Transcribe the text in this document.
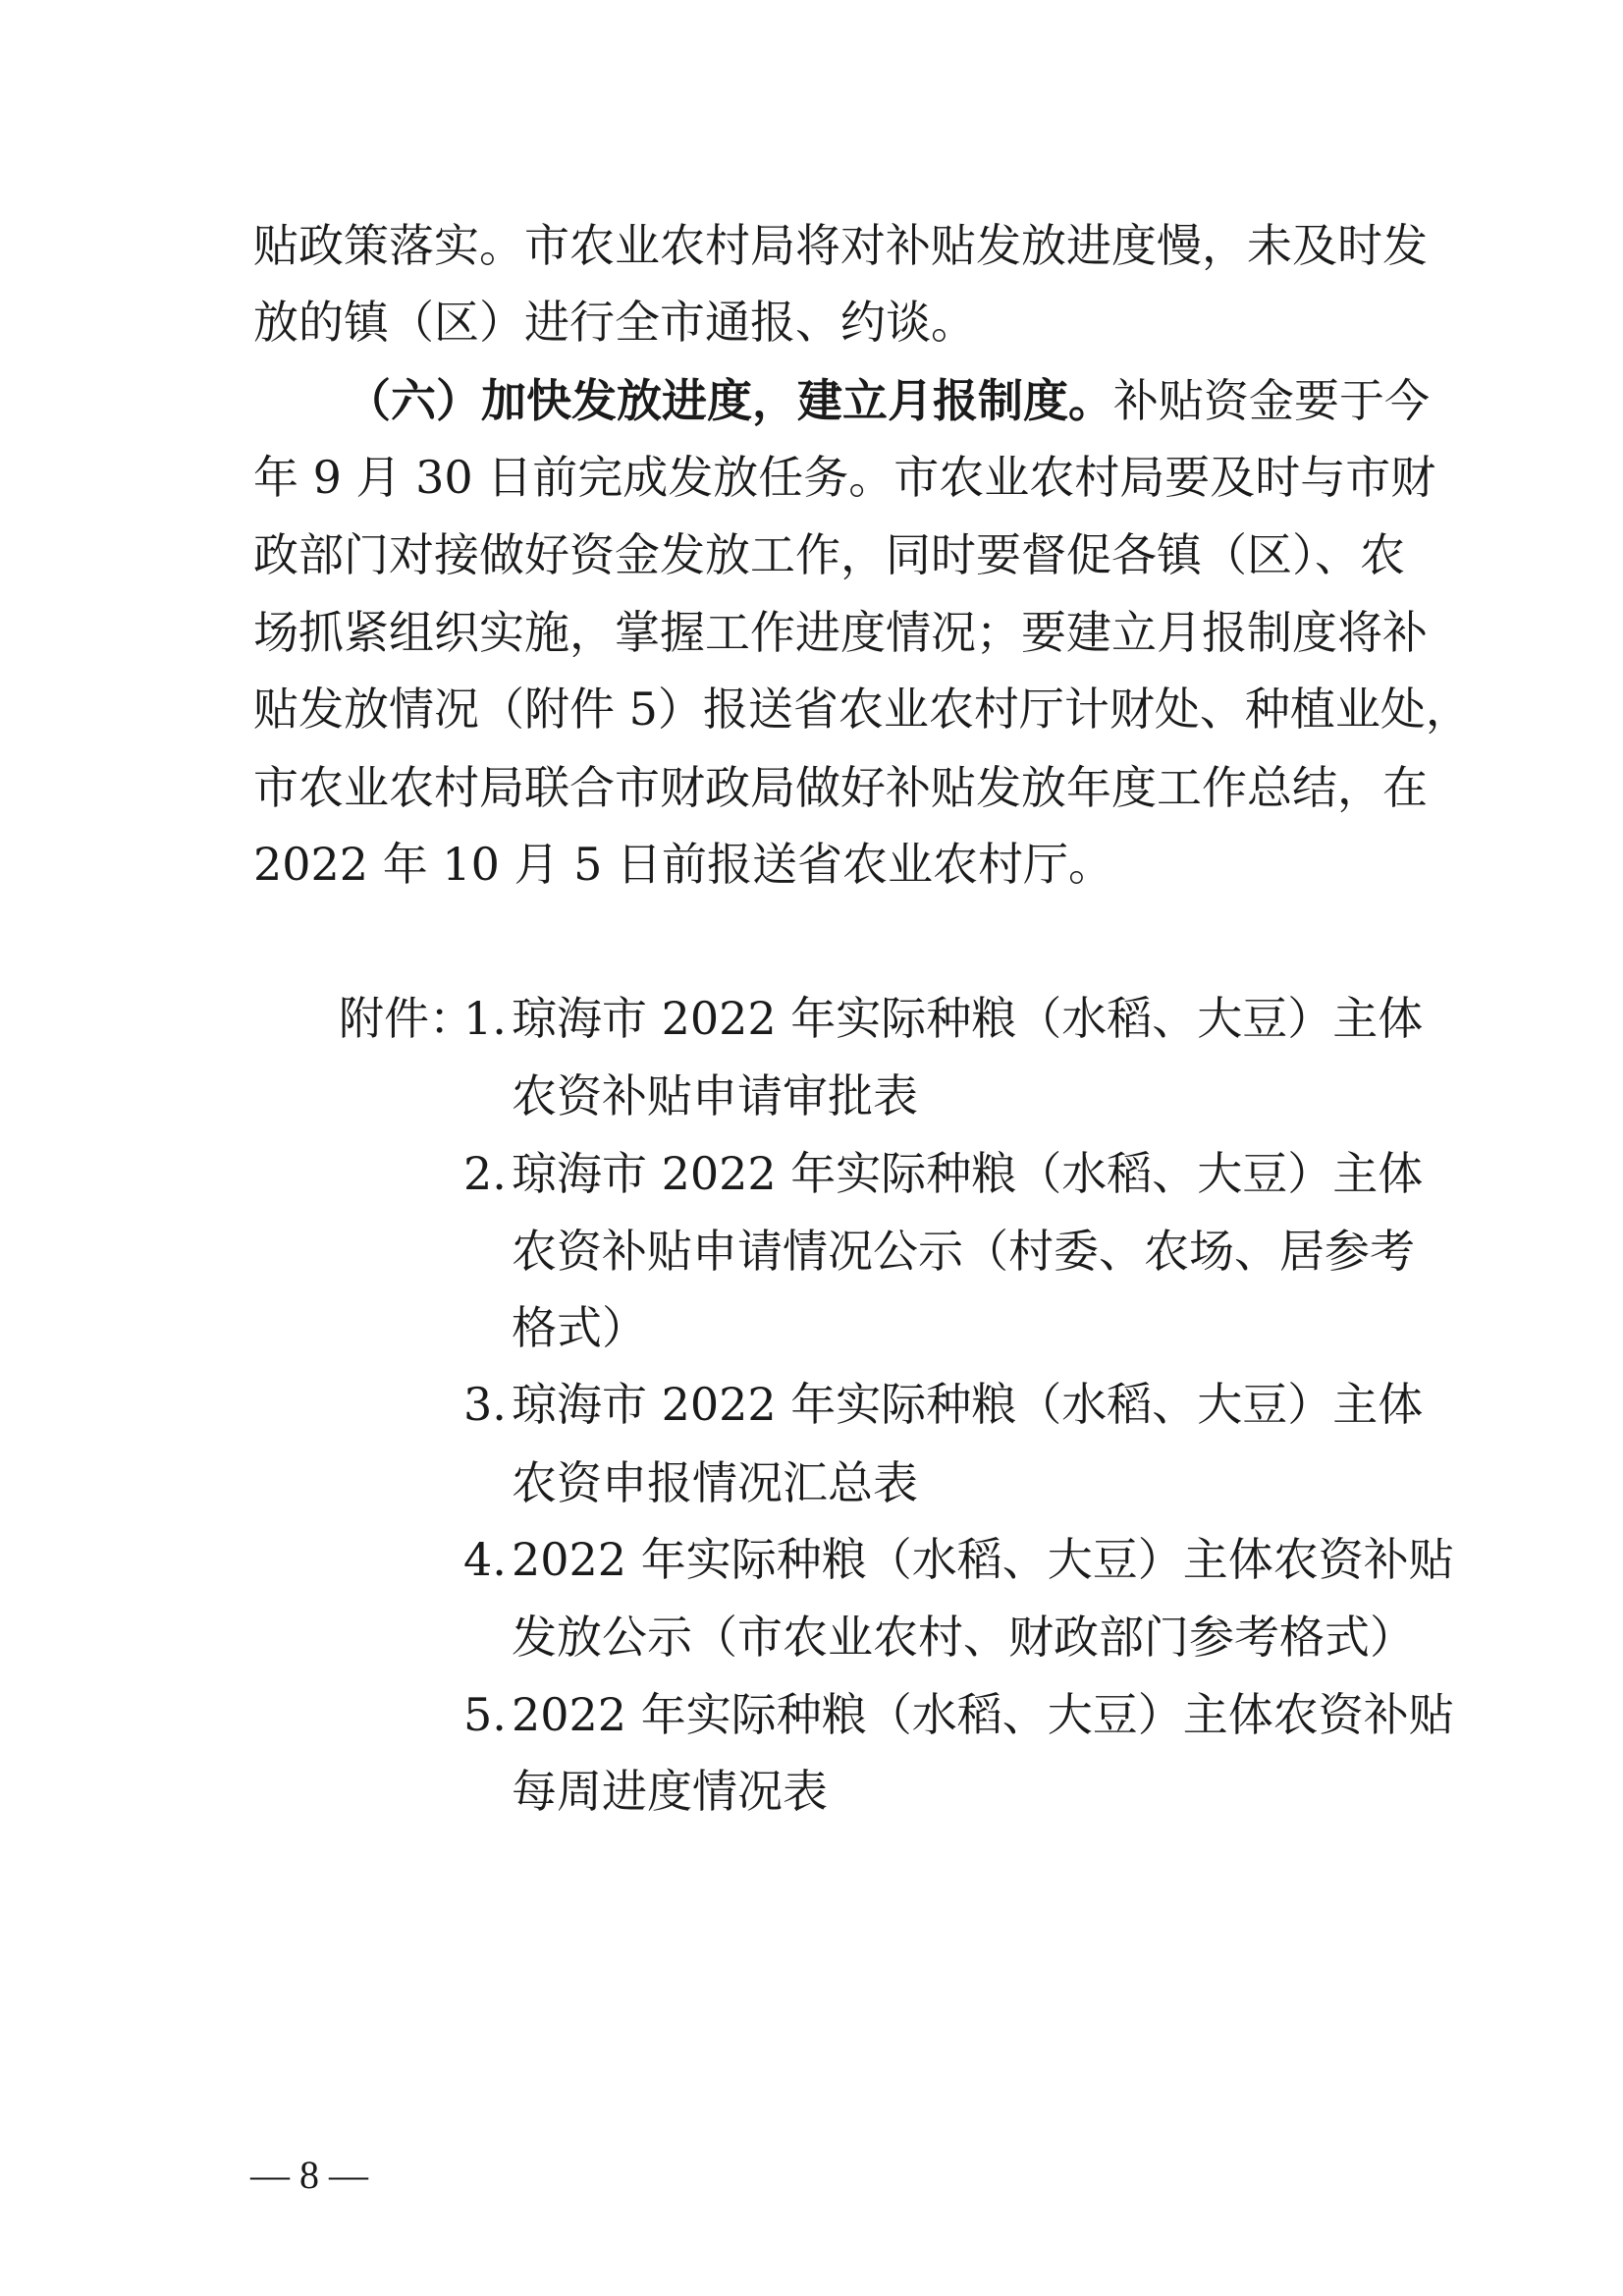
贴政策落实。市农业农村局将对补贴发放进度慢，未及时发
放的镇（区）进行全市通报、约谈。
（六）加快发放进度，建立月报制度。补贴资金要于今
年 9 月 30 日前完成发放任务。市农业农村局要及时与市财
政部门对接做好资金发放工作，同时要督促各镇（区）、农
场抓紧组织实施，掌握工作进度情况；要建立月报制度将补
贴发放情况（附件 5）报送省农业农村厅计财处、种植业处，
市农业农村局联合市财政局做好补贴发放年度工作总结，在
2022 年 10 月 5 日前报送省农业农村厅。
附件：
1. 琼海市 2022 年实际种粮（水稻、大豆）主体
农资补贴申请审批表
2. 琼海市 2022 年实际种粮（水稻、大豆）主体
农资补贴申请情况公示（村委、农场、居参考
格式）
3. 琼海市 2022 年实际种粮（水稻、大豆）主体
农资申报情况汇总表
4. 2022 年实际种粮（水稻、大豆）主体农资补贴
发放公示（市农业农村、财政部门参考格式）
5. 2022 年实际种粮（水稻、大豆）主体农资补贴
每周进度情况表
— 8 —
